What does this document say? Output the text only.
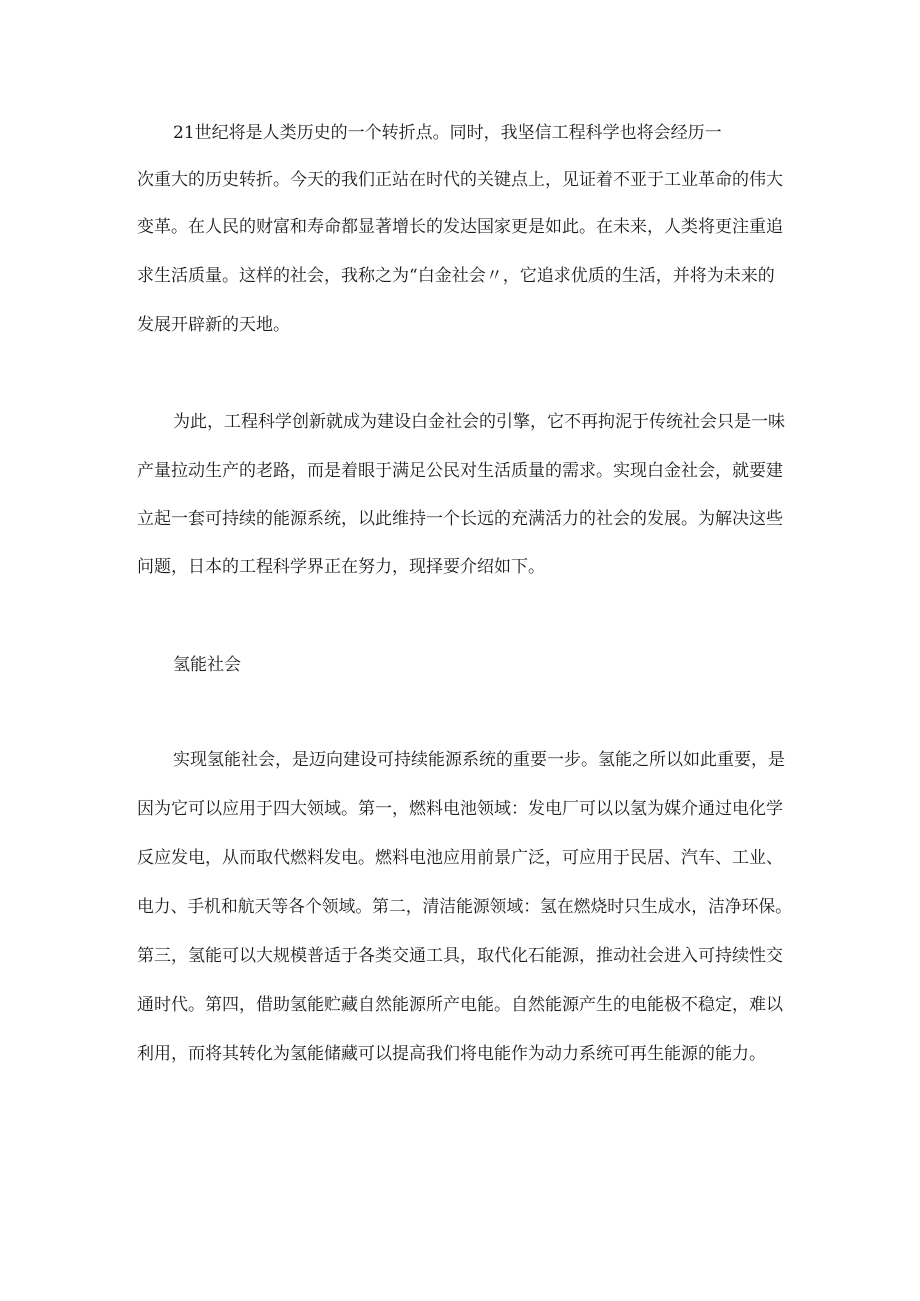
21世纪将是人类历史的一个转折点。同时，我坚信工程科学也将会经历一
次重大的历史转折。今天的我们正站在时代的关键点上，见证着不亚于工业革命的伟大
变革。在人民的财富和寿命都显著增长的发达国家更是如此。在未来，人类将更注重追
求生活质量。这样的社会，我称之为“白金社会〃，它追求优质的生活，并将为未来的
发展开辟新的天地。
为此，工程科学创新就成为建设白金社会的引擎，它不再拘泥于传统社会只是一味
产量拉动生产的老路，而是着眼于满足公民对生活质量的需求。实现白金社会，就要建
立起一套可持续的能源系统，以此维持一个长远的充满活力的社会的发展。为解决这些
问题，日本的工程科学界正在努力，现择要介绍如下。
氢能社会
实现氢能社会，是迈向建设可持续能源系统的重要一步。氢能之所以如此重要，是
因为它可以应用于四大领域。第一，燃料电池领域：发电厂可以以氢为媒介通过电化学
反应发电，从而取代燃料发电。燃料电池应用前景广泛，可应用于民居、汽车、工业、
电力、手机和航天等各个领域。第二，清洁能源领域：氢在燃烧时只生成水，洁净环保。
第三，氢能可以大规模普适于各类交通工具，取代化石能源，推动社会进入可持续性交
通时代。第四，借助氢能贮藏自然能源所产电能。自然能源产生的电能极不稳定，难以
利用，而将其转化为氢能储藏可以提高我们将电能作为动力系统可再生能源的能力。
